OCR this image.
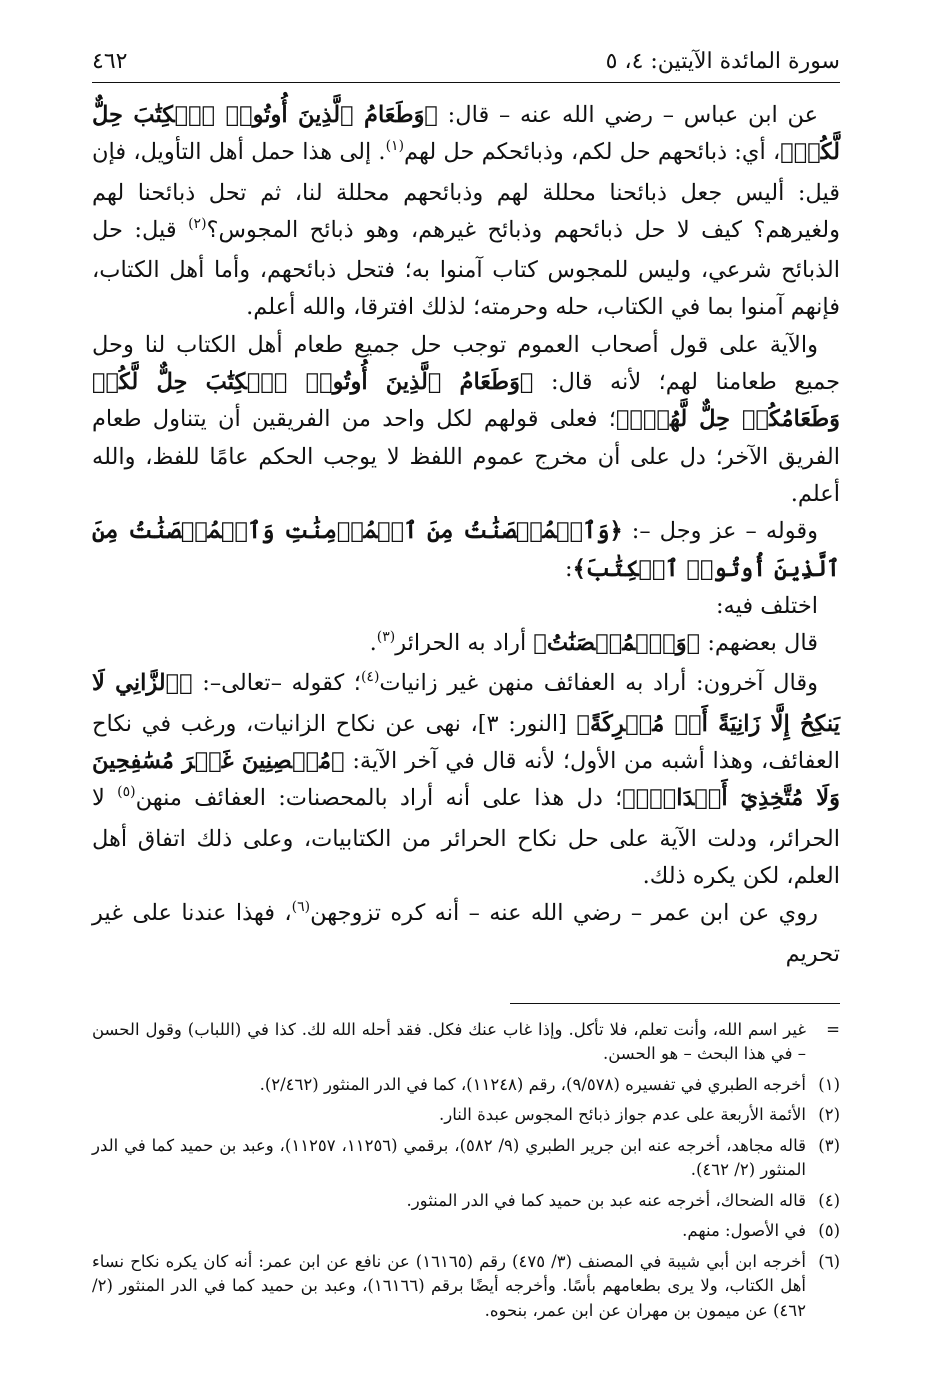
سورة المائدة الآيتين: ٤، ٥
٤٦٢

عن ابن عباس – رضي الله عنه – قال: ﴿وَطَعَامُ ٱلَّذِينَ أُوتُوا۟ ٱلۡكِتَٰبَ حِلٌّ لَّكُمۡ﴾، أي: ذبائحهم حل لكم، وذبائحكم حل لهم$^{(١)}$. إلى هذا حمل أهل التأويل، فإن قيل: أليس جعل ذبائحنا محللة لهم وذبائحهم محللة لنا، ثم تحل ذبائحنا لهم ولغيرهم؟ كيف لا حل ذبائحهم وذبائح غيرهم، وهو ذبائح المجوس؟$^{(٢)}$ قيل: حل الذبائح شرعي، وليس للمجوس كتاب آمنوا به؛ فتحل ذبائحهم، وأما أهل الكتاب، فإنهم آمنوا بما في الكتاب، حله وحرمته؛ لذلك افترقا، والله أعلم.

والآية على قول أصحاب العموم توجب حل جميع طعام أهل الكتاب لنا وحل جميع طعامنا لهم؛ لأنه قال: ﴿وَطَعَامُ ٱلَّذِينَ أُوتُوا۟ ٱلۡكِتَٰبَ حِلٌّ لَّكُمۡ وَطَعَامُكُمۡ حِلٌّ لَّهُمۡۖ﴾؛ فعلى قولهم لكل واحد من الفريقين أن يتناول طعام الفريق الآخر؛ دل على أن مخرج عموم اللفظ لا يوجب الحكم عامًا للفظ، والله أعلم.

وقوله – عز وجل –: ﴿وَٱلۡمُحۡصَنَٰتُ مِنَ ٱلۡمُؤۡمِنَٰتِ وَٱلۡمُحۡصَنَٰتُ مِنَ ٱلَّذِينَ أُوتُوا۟ ٱلۡكِتَٰبَ﴾:

اختلف فيه:

قال بعضهم: ﴿وَٱلۡمُحۡصَنَٰتُ﴾ أراد به الحرائر$^{(٣)}$.

وقال آخرون: أراد به العفائف منهن غير زانيات$^{(٤)}$؛ كقوله –تعالى–: ﴿ٱلزَّانِي لَا يَنكِحُ إِلَّا زَانِيَةً أَوۡ مُشۡرِكَةً﴾ [النور: ٣]، نهى عن نكاح الزانيات، ورغب في نكاح العفائف، وهذا أشبه من الأول؛ لأنه قال في آخر الآية: ﴿مُحۡصِنِينَ غَيۡرَ مُسَٰفِحِينَ وَلَا مُتَّخِذِيٓ أَخۡدَانٍۗ﴾؛ دل هذا على أنه أراد بالمحصنات: العفائف منهن$^{(٥)}$ لا الحرائر، ودلت الآية على حل نكاح الحرائر من الكتابيات، وعلى ذلك اتفاق أهل العلم، لكن يكره ذلك.

روي عن ابن عمر – رضي الله عنه – أنه كره تزوجهن$^{(٦)}$، فهذا عندنا على غير تحريم

=
غير اسم الله، وأنت تعلم، فلا تأكل. وإذا غاب عنك فكل. فقد أحله الله لك. كذا في (اللباب) وقول الحسن – في هذا البحث – هو الحسن.
(١)
أخرجه الطبري في تفسيره (٩/٥٧٨)، رقم (١١٢٤٨)، كما في الدر المنثور (٢/٤٦٢).
(٢)
الأئمة الأربعة على عدم جواز ذبائح المجوس عبدة النار.
(٣)
قاله مجاهد، أخرجه عنه ابن جرير الطبري (٩/ ٥٨٢)، برقمي (١١٢٥٦، ١١٢٥٧)، وعبد بن حميد كما في الدر المنثور (٢/ ٤٦٢).
(٤)
قاله الضحاك، أخرجه عنه عبد بن حميد كما في الدر المنثور.
(٥)
في الأصول: منهم.
(٦)
أخرجه ابن أبي شيبة في المصنف (٣/ ٤٧٥) رقم (١٦١٦٥) عن نافع عن ابن عمر: أنه كان يكره نكاح نساء أهل الكتاب، ولا يرى بطعامهم بأسًا. وأخرجه أيضًا برقم (١٦١٦٦)، وعبد بن حميد كما في الدر المنثور (٢/ ٤٦٢) عن ميمون بن مهران عن ابن عمر، بنحوه.
